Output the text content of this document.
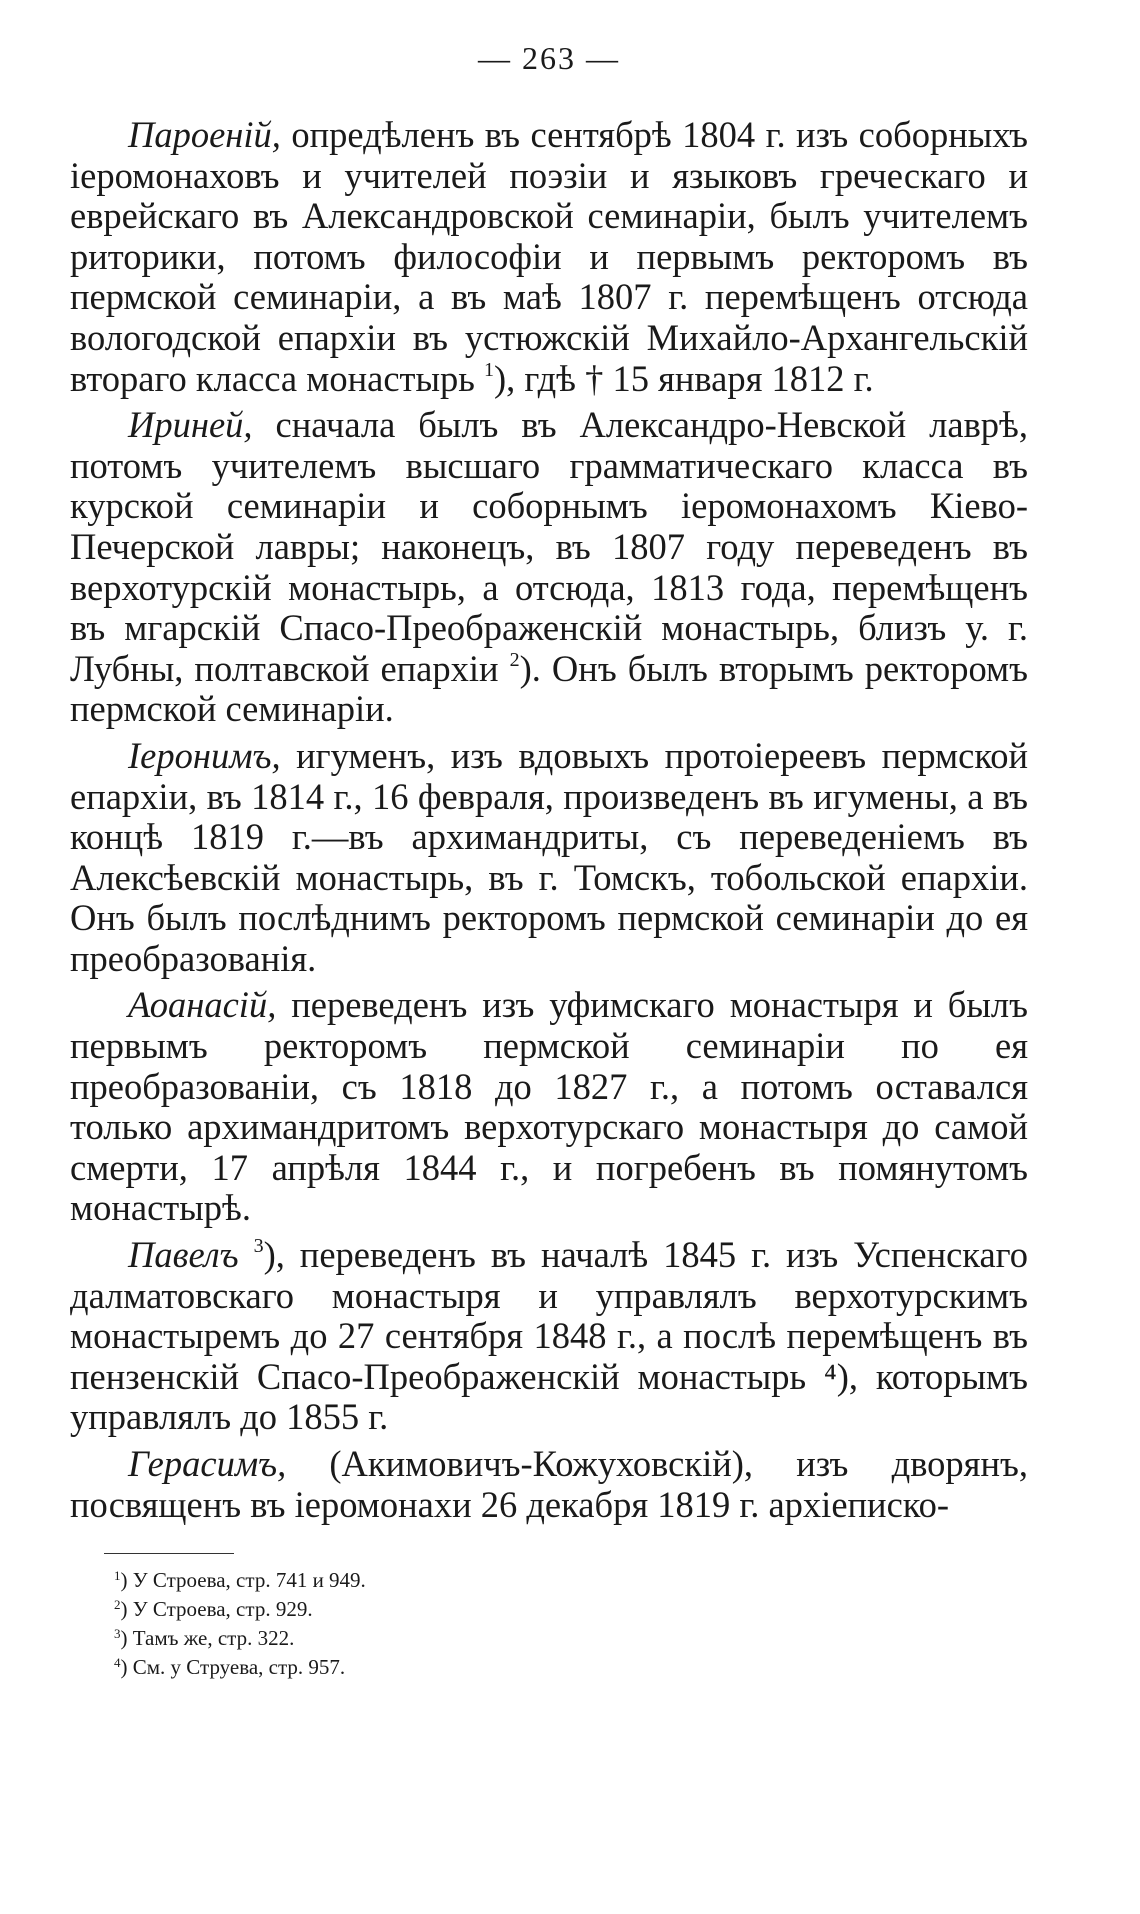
— 263 —

Пароеній, опредѣленъ въ сентябрѣ 1804 г. изъ соборныхъ іеромонаховъ и учителей поэзіи и языковъ греческаго и еврейскаго въ Александровской семинаріи, былъ учителемъ риторики, потомъ философіи и первымъ ректоромъ въ пермской семинаріи, а въ маѣ 1807 г. перемѣщенъ отсюда вологодской епархіи въ устюжскій Михайло-Архангельскій втораго класса монастырь $^1$), гдѣ † 15 января 1812 г.

Ириней, сначала былъ въ Александро-Невской лаврѣ, потомъ учителемъ высшаго грамматическаго класса въ курской семинаріи и соборнымъ іеромонахомъ Кіево-Печерской лавры; наконецъ, въ 1807 году переведенъ въ верхотурскій монастырь, а отсюда, 1813 года, перемѣщенъ въ мгарскій Спасо-Преображенскій монастырь, близъ у. г. Лубны, полтавской епархіи $^2$). Онъ былъ вторымъ ректоромъ пермской семинаріи.

Іеронимъ, игуменъ, изъ вдовыхъ протоіереевъ пермской епархіи, въ 1814 г., 16 февраля, произведенъ въ игумены, а въ концѣ 1819 г.—въ архимандриты, съ переведеніемъ въ Алексѣевскій монастырь, въ г. Томскъ, тобольской епархіи. Онъ былъ послѣднимъ ректоромъ пермской семинаріи до ея преобразованія.

Аоанасій, переведенъ изъ уфимскаго монастыря и былъ первымъ ректоромъ пермской семинаріи по ея преобразованіи, съ 1818 до 1827 г., а потомъ оставался только архимандритомъ верхотурскаго монастыря до самой смерти, 17 апрѣля 1844 г., и погребенъ въ помянутомъ монастырѣ.

Павелъ $^3$), переведенъ въ началѣ 1845 г. изъ Успенскаго далматовскаго монастыря и управлялъ верхотурскимъ монастыремъ до 27 сентября 1848 г., а послѣ перемѣщенъ въ пензенскій Спасо-Преображенскій монастырь ⁴), которымъ управлялъ до 1855 г.

Герасимъ, (Акимовичъ-Кожуховскій), изъ дворянъ, посвященъ въ іеромонахи 26 декабря 1819 г. архіеписко-

$^1$) У Строева, стр. 741 и 949.
$^2$) У Строева, стр. 929.
$^3$) Тамъ же, стр. 322.
$^4$) См. у Струева, стр. 957.
